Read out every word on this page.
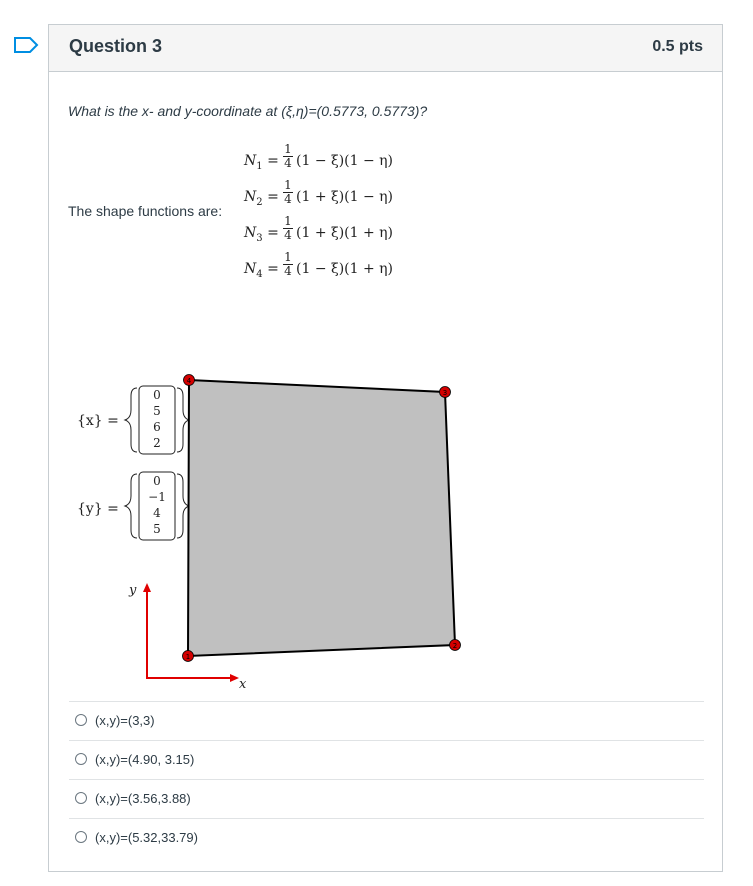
Question 3	0.5 pts
What is the x- and y-coordinate at (ξ,η)=(0.5773, 0.5773)?
The shape functions are:
$N_1 = \frac{1}{4} (1 - \xi)(1 - \eta)$
$N_2 = \frac{1}{4} (1 + \xi)(1 - \eta)$
$N_3 = \frac{1}{4} (1 + \xi)(1 + \eta)$
$N_4 = \frac{1}{4} (1 - \xi)(1 + \eta)$
{x} =
0
5
6
2
{y} =
0
−1
4
5
1
2
3
4
y
x
(x,y)=(3,3)
(x,y)=(4.90, 3.15)
(x,y)=(3.56,3.88)
(x,y)=(5.32,33.79)
